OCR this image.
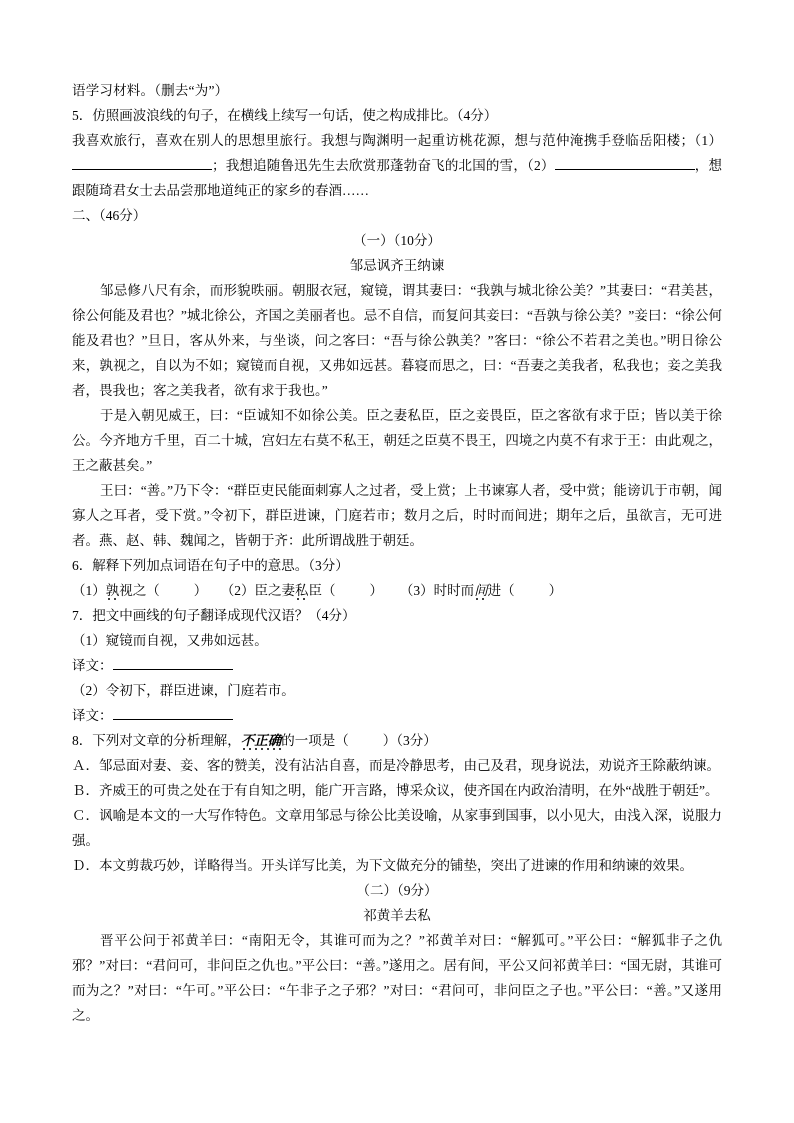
语学习材料。（删去“为”）
5．仿照画波浪线的句子，在横线上续写一句话，使之构成排比。（4分）
我喜欢旅行，喜欢在别人的思想里旅行。我想与陶渊明一起重访桃花源，想与范仲淹携手登临岳阳楼；（1）；我想追随鲁迅先生去欣赏那蓬勃奋飞的北国的雪，（2）	，想跟随琦君女士去品尝那地道纯正的家乡的春酒……
二、（46分）
（一）（10分）
邹忌讽齐王纳谏
邹忌修八尺有余，而形貌昳丽。朝服衣冠，窥镜，谓其妻曰：“我孰与城北徐公美？”其妻曰：“君美甚，徐公何能及君也？”城北徐公，齐国之美丽者也。忌不自信，而复问其妾曰：“吾孰与徐公美？”妾曰：“徐公何能及君也？”旦日，客从外来，与坐谈，问之客曰：“吾与徐公孰美？”客曰：“徐公不若君之美也。”明日徐公来，孰视之，自以为不如；窥镜而自视，又弗如远甚。暮寝而思之，曰：“吾妻之美我者，私我也；妾之美我者，畏我也；客之美我者，欲有求于我也。”
于是入朝见威王，曰：“臣诚知不如徐公美。臣之妻私臣，臣之妾畏臣，臣之客欲有求于臣；皆以美于徐公。今齐地方千里，百二十城，宫妇左右莫不私王，朝廷之臣莫不畏王，四境之内莫不有求于王：由此观之，王之蔽甚矣。”
王曰：“善。”乃下令：“群臣吏民能面刺寡人之过者，受上赏；上书谏寡人者，受中赏；能谤讥于市朝，闻寡人之耳者，受下赏。”令初下，群臣进谏，门庭若市；数月之后，时时而间进；期年之后，虽欲言，无可进者。燕、赵、韩、魏闻之，皆朝于齐：此所谓战胜于朝廷。
6．解释下列加点词语在句子中的意思。（3分）
（1）孰视之（	） （2）臣之妻私臣（	） （3）时时而间进（	）
7．把文中画线的句子翻译成现代汉语？（4分）
（1）窥镜而自视，又弗如远甚。
译文：
（2）令初下，群臣进谏，门庭若市。
译文：
8．下列对文章的分析理解，不正确的一项是（	）（3分）
Ａ．邹忌面对妻、妾、客的赞美，没有沾沾自喜，而是冷静思考，由己及君，现身说法，劝说齐王除蔽纳谏。
Ｂ．齐威王的可贵之处在于有自知之明，能广开言路，博采众议，使齐国在内政治清明，在外“战胜于朝廷”。
Ｃ．讽喻是本文的一大写作特色。文章用邹忌与徐公比美设喻，从家事到国事，以小见大，由浅入深，说服力强。
Ｄ．本文剪裁巧妙，详略得当。开头详写比美，为下文做充分的铺垫，突出了进谏的作用和纳谏的效果。
（二）（9分）
祁黄羊去私
晋平公问于祁黄羊曰：“南阳无令，其谁可而为之？”祁黄羊对曰：“解狐可。”平公曰：“解狐非子之仇邪？”对曰：“君问可，非问臣之仇也。”平公曰：“善。”遂用之。居有间，平公又问祁黄羊曰：“国无尉，其谁可而为之？”对曰：“午可。”平公曰：“午非子之子邪？”对曰：“君问可，非问臣之子也。”平公曰：“善。”又遂用之。
